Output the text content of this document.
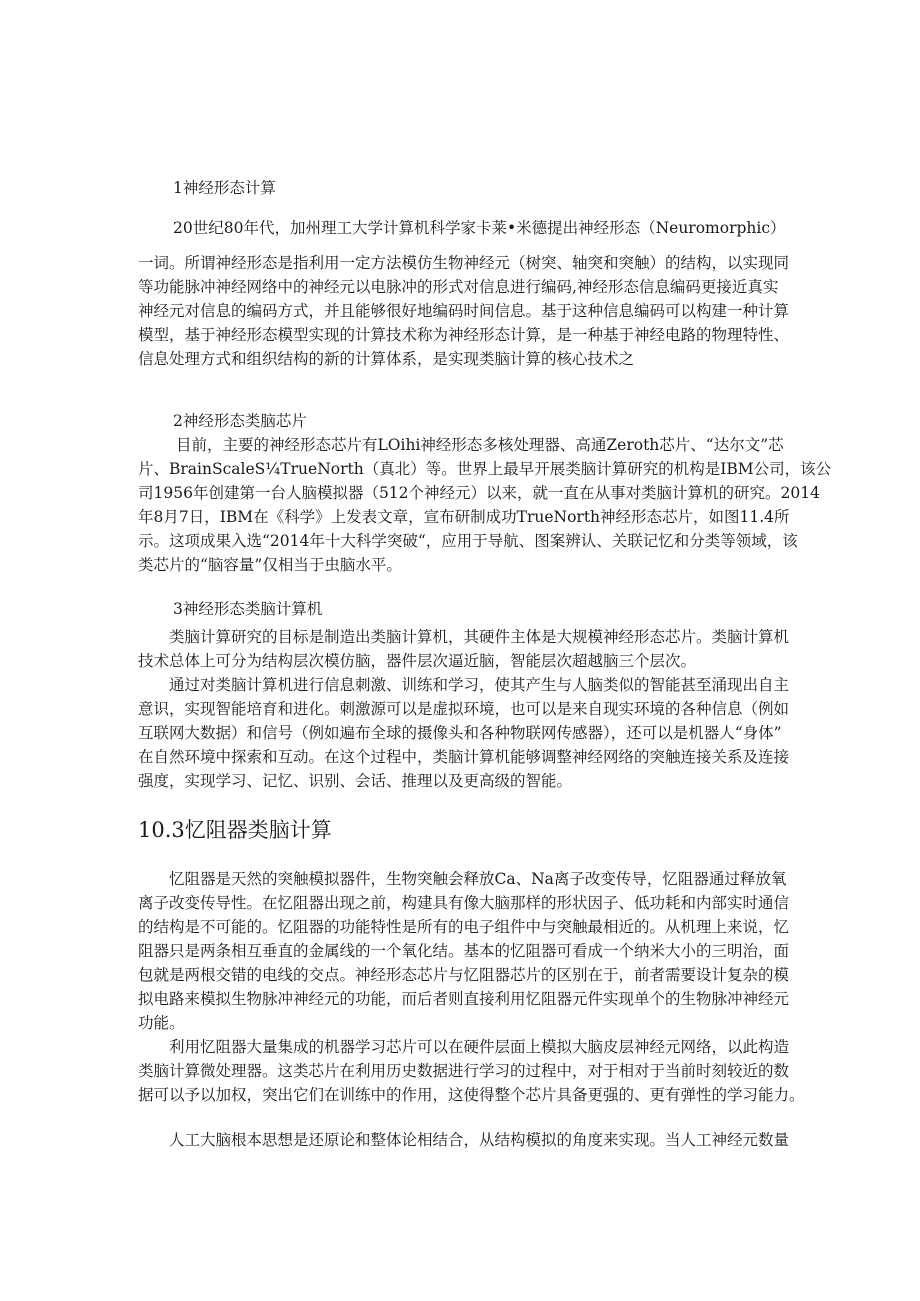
1神经形态计算
20世纪80年代，加州理工大学计算机科学家卡莱•米德提出神经形态（Neuromorphic）
一词。所谓神经形态是指利用一定方法模仿生物神经元（树突、轴突和突触）的结构，以实现同
等功能脉冲神经网络中的神经元以电脉冲的形式对信息进行编码,神经形态信息编码更接近真实
神经元对信息的编码方式，并且能够很好地编码时间信息。基于这种信息编码可以构建一种计算
模型，基于神经形态模型实现的计算技术称为神经形态计算，是一种基于神经电路的物理特性、
信息处理方式和组织结构的新的计算体系，是实现类脑计算的核心技术之
2神经形态类脑芯片
目前，主要的神经形态芯片有LOihi神经形态多核处理器、高通Zeroth芯片、“达尔文”芯
片、BrainScaleS¼TrueNorth（真北）等。世界上最早开展类脑计算研究的机构是IBM公司，该公
司1956年创建第一台人脑模拟器（512个神经元）以来，就一直在从事对类脑计算机的研究。2014
年8月7日，IBM在《科学》上发表文章，宣布研制成功TrueNorth神经形态芯片，如图11.4所
示。这项成果入选“2014年十大科学突破“，应用于导航、图案辨认、关联记忆和分类等领域，该
类芯片的“脑容量”仅相当于虫脑水平。
3神经形态类脑计算机
类脑计算研究的目标是制造出类脑计算机，其硬件主体是大规模神经形态芯片。类脑计算机
技术总体上可分为结构层次模仿脑，器件层次逼近脑，智能层次超越脑三个层次。
通过对类脑计算机进行信息刺激、训练和学习，使其产生与人脑类似的智能甚至涌现出自主
意识，实现智能培育和进化。刺激源可以是虚拟环境，也可以是来自现实环境的各种信息（例如
互联网大数据）和信号（例如遍布全球的摄像头和各种物联网传感器），还可以是机器人“身体”
在自然环境中探索和互动。在这个过程中，类脑计算机能够调整神经网络的突触连接关系及连接
强度，实现学习、记忆、识别、会话、推理以及更高级的智能。
10.3忆阻器类脑计算
忆阻器是天然的突触模拟器件，生物突触会释放Ca、Na离子改变传导，忆阻器通过释放氧
离子改变传导性。在忆阻器出现之前，构建具有像大脑那样的形状因子、低功耗和内部实时通信
的结构是不可能的。忆阻器的功能特性是所有的电子组件中与突触最相近的。从机理上来说，忆
阻器只是两条相互垂直的金属线的一个氧化结。基本的忆阻器可看成一个纳米大小的三明治，面
包就是两根交错的电线的交点。神经形态芯片与忆阻器芯片的区别在于，前者需要设计复杂的模
拟电路来模拟生物脉冲神经元的功能，而后者则直接利用忆阻器元件实现单个的生物脉冲神经元
功能。
利用忆阻器大量集成的机器学习芯片可以在硬件层面上模拟大脑皮层神经元网络，以此构造
类脑计算微处理器。这类芯片在利用历史数据进行学习的过程中，对于相对于当前时刻较近的数
据可以予以加权，突出它们在训练中的作用，这使得整个芯片具备更强的、更有弹性的学习能力。
人工大脑根本思想是还原论和整体论相结合，从结构模拟的角度来实现。当人工神经元数量
